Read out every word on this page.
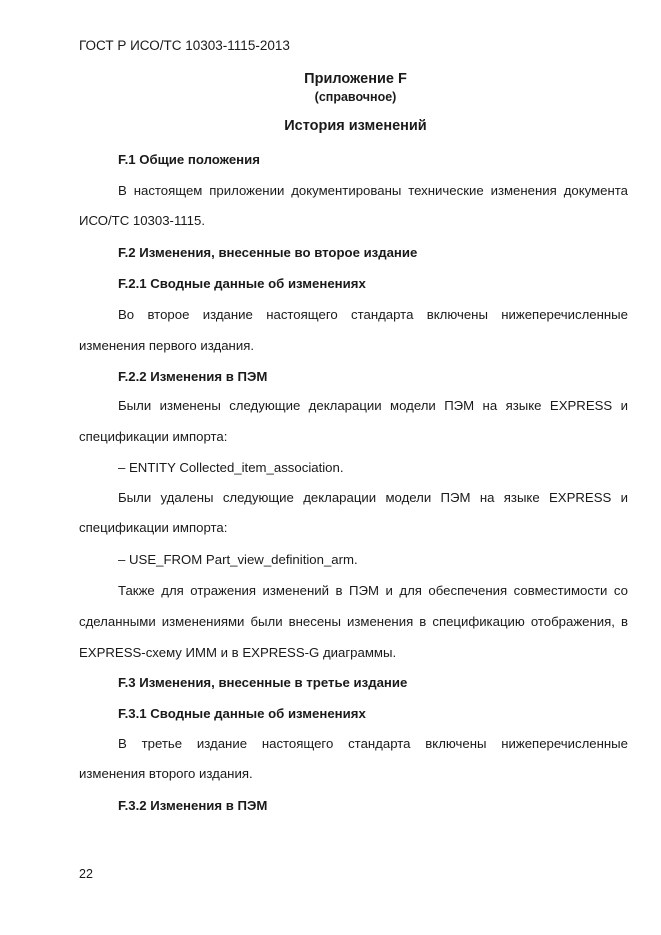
ГОСТ Р ИСО/ТС 10303-1115-2013
Приложение F
(справочное)
История изменений
F.1 Общие положения
В настоящем приложении документированы технические изменения документа
ИСО/ТС 10303-1115.
F.2 Изменения, внесенные во второе издание
F.2.1 Сводные данные об изменениях
Во второе издание настоящего стандарта включены нижеперечисленные
изменения первого издания.
F.2.2 Изменения в ПЭМ
Были изменены следующие декларации модели ПЭМ на языке EXPRESS и
спецификации импорта:
– ENTITY Collected_item_association.
Были удалены следующие декларации модели ПЭМ на языке EXPRESS и
спецификации импорта:
– USE_FROM Part_view_definition_arm.
Также для отражения изменений в ПЭМ и для обеспечения совместимости со
сделанными изменениями были внесены изменения в спецификацию отображения, в
EXPRESS-схему ИММ и в EXPRESS-G диаграммы.
F.3 Изменения, внесенные в третье издание
F.3.1 Сводные данные об изменениях
В третье издание настоящего стандарта включены нижеперечисленные
изменения второго издания.
F.3.2 Изменения в ПЭМ
22
